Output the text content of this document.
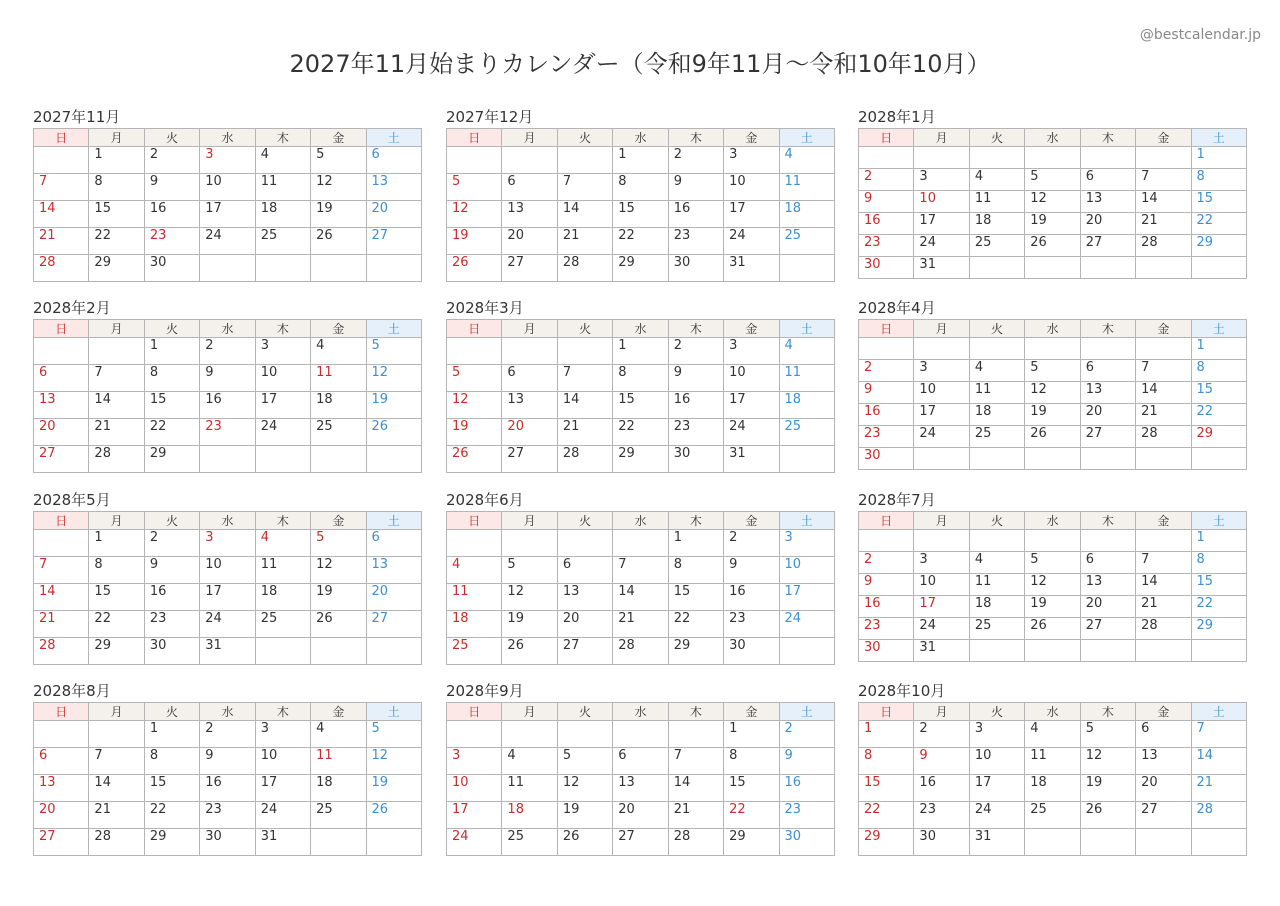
@bestcalendar.jp
2027年11月始まりカレンダー（令和9年11月〜令和10年10月）
2027年11月
日	月	火	水	木	金	土
	1	2	3	4	5	6
7	8	9	10	11	12	13
14	15	16	17	18	19	20
21	22	23	24	25	26	27
28	29	30				
2027年12月
日	月	火	水	木	金	土
			1	2	3	4
5	6	7	8	9	10	11
12	13	14	15	16	17	18
19	20	21	22	23	24	25
26	27	28	29	30	31	
2028年1月
日	月	火	水	木	金	土
						1
2	3	4	5	6	7	8
9	10	11	12	13	14	15
16	17	18	19	20	21	22
23	24	25	26	27	28	29
30	31					
2028年2月
日	月	火	水	木	金	土
		1	2	3	4	5
6	7	8	9	10	11	12
13	14	15	16	17	18	19
20	21	22	23	24	25	26
27	28	29				
2028年3月
日	月	火	水	木	金	土
			1	2	3	4
5	6	7	8	9	10	11
12	13	14	15	16	17	18
19	20	21	22	23	24	25
26	27	28	29	30	31	
2028年4月
日	月	火	水	木	金	土
						1
2	3	4	5	6	7	8
9	10	11	12	13	14	15
16	17	18	19	20	21	22
23	24	25	26	27	28	29
30						
2028年5月
日	月	火	水	木	金	土
	1	2	3	4	5	6
7	8	9	10	11	12	13
14	15	16	17	18	19	20
21	22	23	24	25	26	27
28	29	30	31			
2028年6月
日	月	火	水	木	金	土
				1	2	3
4	5	6	7	8	9	10
11	12	13	14	15	16	17
18	19	20	21	22	23	24
25	26	27	28	29	30	
2028年7月
日	月	火	水	木	金	土
						1
2	3	4	5	6	7	8
9	10	11	12	13	14	15
16	17	18	19	20	21	22
23	24	25	26	27	28	29
30	31					
2028年8月
日	月	火	水	木	金	土
		1	2	3	4	5
6	7	8	9	10	11	12
13	14	15	16	17	18	19
20	21	22	23	24	25	26
27	28	29	30	31		
2028年9月
日	月	火	水	木	金	土
					1	2
3	4	5	6	7	8	9
10	11	12	13	14	15	16
17	18	19	20	21	22	23
24	25	26	27	28	29	30
2028年10月
日	月	火	水	木	金	土
1	2	3	4	5	6	7
8	9	10	11	12	13	14
15	16	17	18	19	20	21
22	23	24	25	26	27	28
29	30	31				
